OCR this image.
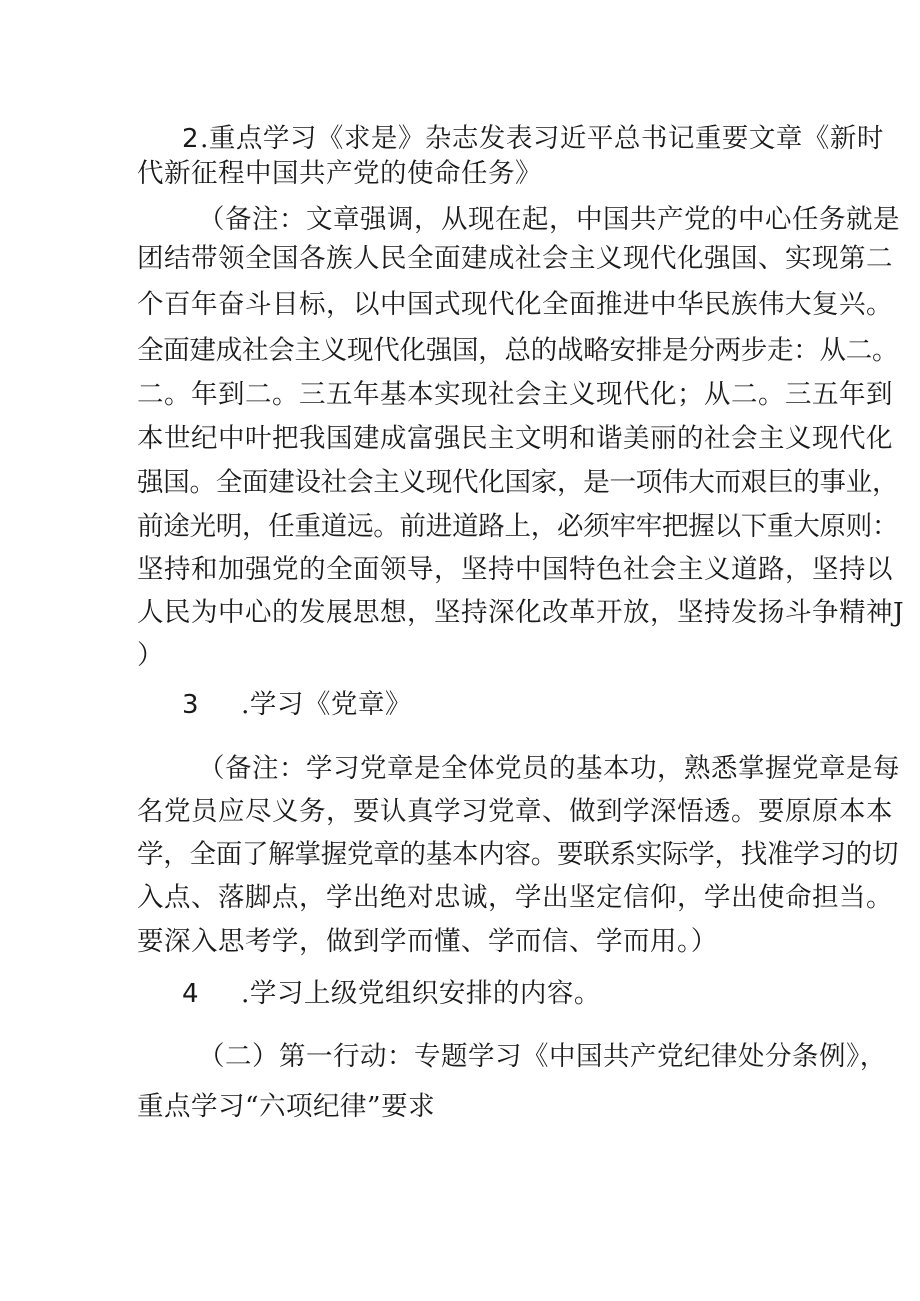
2 .重点学习《求是》杂志发表习近平总书记重要文章《新时
代新征程中国共产党的使命任务》
（备注：文章强调，从现在起，中国共产党的中心任务就是
团结带领全国各族人民全面建成社会主义现代化强国、实现第二
个百年奋斗目标，以中国式现代化全面推进中华民族伟大复兴。
全面建成社会主义现代化强国，总的战略安排是分两步走：从二。
二。年到二。三五年基本实现社会主义现代化；从二。三五年到
本世纪中叶把我国建成富强民主文明和谐美丽的社会主义现代化
强国。全面建设社会主义现代化国家，是一项伟大而艰巨的事业，
前途光明，任重道远。前进道路上，必须牢牢把握以下重大原则：
坚持和加强党的全面领导，坚持中国特色社会主义道路，坚持以
人民为中心的发展思想，坚持深化改革开放，坚持发扬斗争精神J
）
3 .学习《党章》
（备注：学习党章是全体党员的基本功，熟悉掌握党章是每
名党员应尽义务，要认真学习党章、做到学深悟透。要原原本本
学，全面了解掌握党章的基本内容。要联系实际学，找准学习的切
入点、落脚点，学出绝对忠诚，学出坚定信仰，学出使命担当。
要深入思考学，做到学而懂、学而信、学而用。）
4 .学习上级党组织安排的内容。
（二）第一行动：专题学习《中国共产党纪律处分条例》，
重点学习“六项纪律”要求
